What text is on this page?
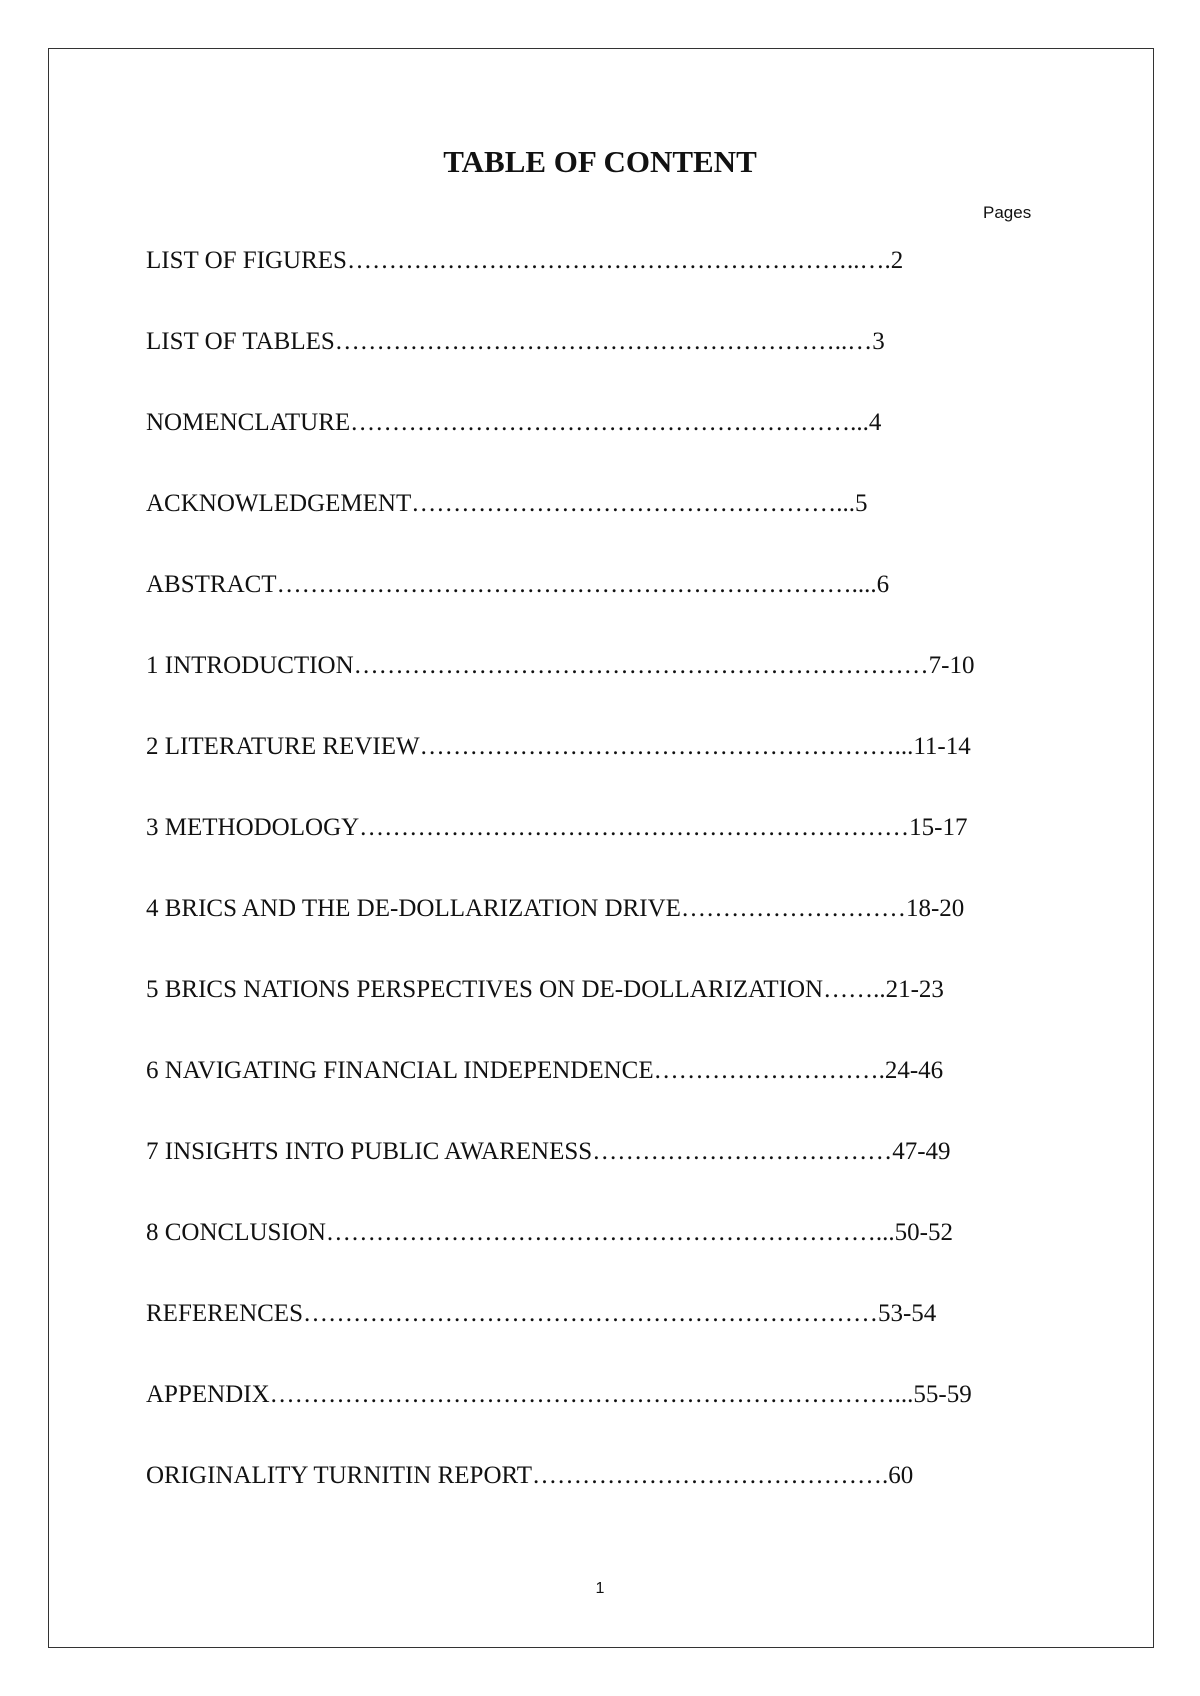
TABLE OF CONTENT
Pages
LIST OF FIGURES……………………………………………………..….2
LIST OF TABLES……………………………………………………..…3
NOMENCLATURE……………………………………………………...4
ACKNOWLEDGEMENT……………………………………………...5
ABSTRACT……………………………………………………………....6
1 INTRODUCTION……………………………………………………………7-10
2 LITERATURE REVIEW…………………………………………………...11-14
3 METHODOLOGY…………………………………………………………15-17
4 BRICS AND THE DE-DOLLARIZATION DRIVE………………………18-20
5 BRICS NATIONS PERSPECTIVES ON DE-DOLLARIZATION……..21-23
6 NAVIGATING FINANCIAL INDEPENDENCE……………………….24-46
7 INSIGHTS INTO PUBLIC AWARENESS………………………………47-49
8 CONCLUSION…………………………………………………………...50-52
REFERENCES……………………………………………………………53-54
APPENDIX…………………………………………………………………...55-59
ORIGINALITY TURNITIN REPORT…………………………………….60
1
